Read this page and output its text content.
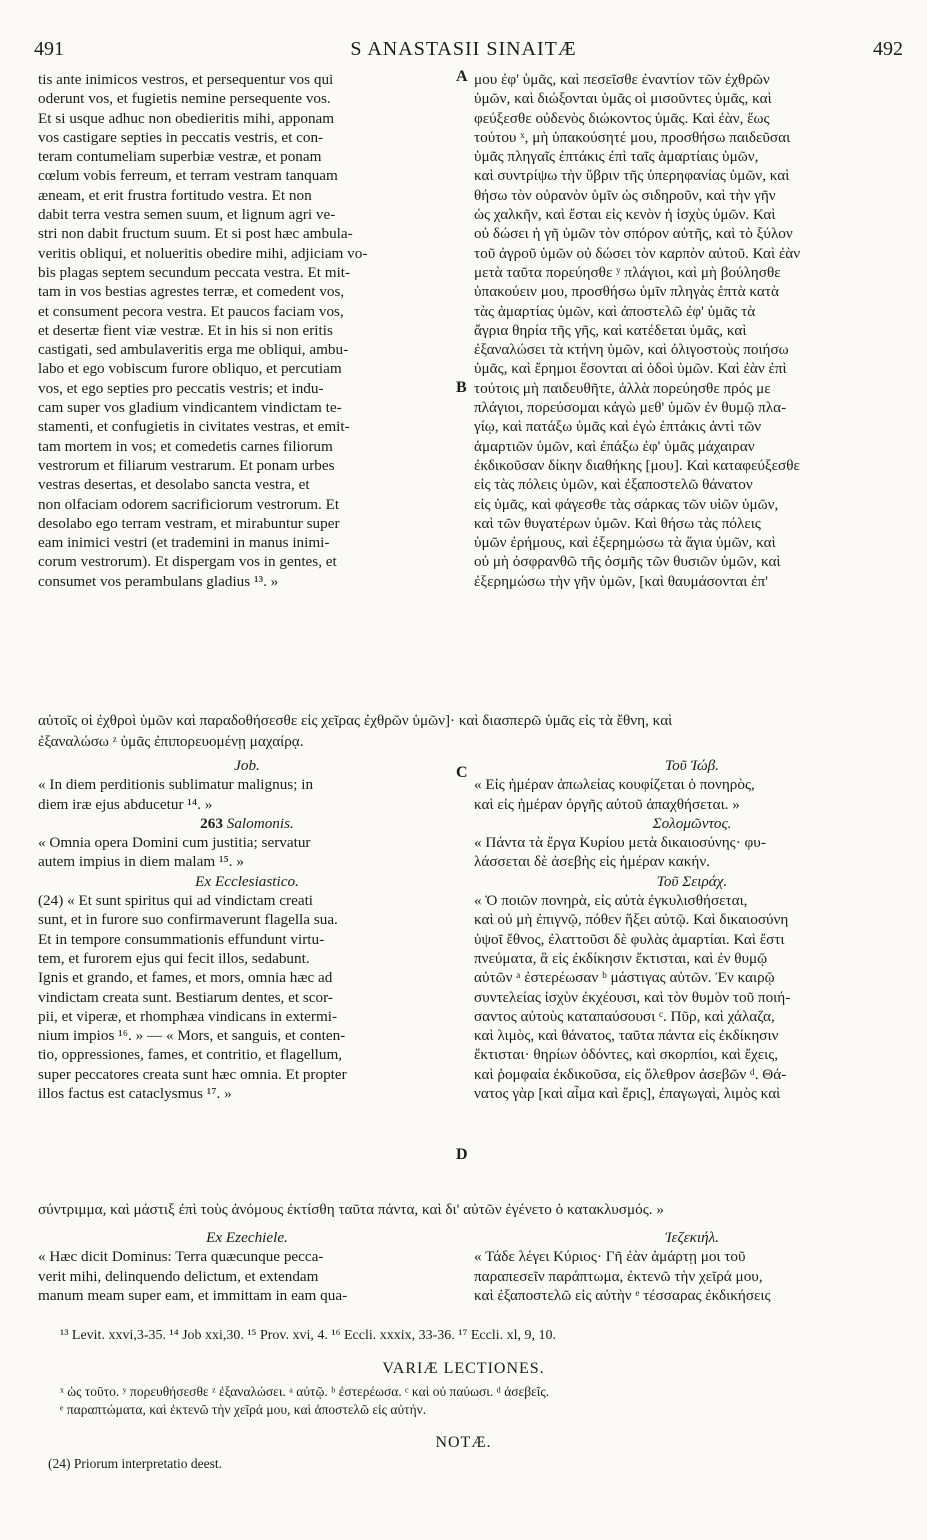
491	S ANASTASII SINAITÆ	492
A
B
C
D
tis ante inimicos vestros, et persequentur vos qui
oderunt vos, et fugietis nemine persequente vos.
Et si usque adhuc non obedieritis mihi, apponam
vos castigare septies in peccatis vestris, et con-
teram contumeliam superbiæ vestræ, et ponam
cœlum vobis ferreum, et terram vestram tanquam
æneam, et erit frustra fortitudo vestra. Et non
dabit terra vestra semen suum, et lignum agri ve-
stri non dabit fructum suum. Et si post hæc ambula-
veritis obliqui, et nolueritis obedire mihi, adjiciam vo-
bis plagas septem secundum peccata vestra. Et mit-
tam in vos bestias agrestes terræ, et comedent vos,
et consument pecora vestra. Et paucos faciam vos,
et desertæ fient viæ vestræ. Et in his si non eritis
castigati, sed ambulaveritis erga me obliqui, ambu-
labo et ego vobiscum furore obliquo, et percutiam
vos, et ego septies pro peccatis vestris; et indu-
cam super vos gladium vindicantem vindictam te-
stamenti, et confugietis in civitates vestras, et emit-
tam mortem in vos; et comedetis carnes filiorum
vestrorum et filiarum vestrarum. Et ponam urbes
vestras desertas, et desolabo sancta vestra, et
non olfaciam odorem sacrificiorum vestrorum. Et
desolabo ego terram vestram, et mirabuntur super
eam inimici vestri (et trademini in manus inimi-
corum vestrorum). Et dispergam vos in gentes, et
consumet vos perambulans gladius ¹³. »
μου ἐφ' ὑμᾶς, καὶ πεσεῖσθε ἐναντίον τῶν ἐχθρῶν
ὑμῶν, καὶ διώξονται ὑμᾶς οἱ μισοῦντες ὑμᾶς, καὶ
φεύξεσθε οὐδενὸς διώκοντος ὑμᾶς. Καὶ ἐὰν, ἕως
τούτου ˣ, μὴ ὑπακούσητέ μου, προσθήσω παιδεῦσαι
ὑμᾶς πληγαῖς ἑπτάκις ἐπὶ ταῖς ἁμαρτίαις ὑμῶν,
καὶ συντρίψω τὴν ὕβριν τῆς ὑπερηφανίας ὑμῶν, καὶ
θήσω τὸν οὐρανὸν ὑμῖν ὡς σιδηροῦν, καὶ τὴν γῆν
ὡς χαλκῆν, καὶ ἔσται εἰς κενὸν ἡ ἰσχὺς ὑμῶν. Καὶ
οὐ δώσει ἡ γῆ ὑμῶν τὸν σπόρον αὐτῆς, καὶ τὸ ξύλον
τοῦ ἀγροῦ ὑμῶν οὐ δώσει τὸν καρπὸν αὐτοῦ. Καὶ ἐὰν
μετὰ ταῦτα πορεύησθε ʸ πλάγιοι, καὶ μὴ βούλησθε
ὑπακούειν μου, προσθήσω ὑμῖν πληγὰς ἑπτὰ κατὰ
τὰς ἁμαρτίας ὑμῶν, καὶ ἀποστελῶ ἐφ' ὑμᾶς τὰ
ἄγρια θηρία τῆς γῆς, καὶ κατέδεται ὑμᾶς, καὶ
ἐξαναλώσει τὰ κτήνη ὑμῶν, καὶ ὀλιγοστοὺς ποιήσω
ὑμᾶς, καὶ ἔρημοι ἔσονται αἱ ὁδοὶ ὑμῶν. Καὶ ἐὰν ἐπὶ
τούτοις μὴ παιδευθῆτε, ἀλλὰ πορεύησθε πρός με
πλάγιοι, πορεύσομαι κἀγὼ μεθ' ὑμῶν ἐν θυμῷ πλα-
γίῳ, καὶ πατάξω ὑμᾶς καὶ ἐγὼ ἑπτάκις ἀντὶ τῶν
ἁμαρτιῶν ὑμῶν, καὶ ἐπάξω ἐφ' ὑμᾶς μάχαιραν
ἐκδικοῦσαν δίκην διαθήκης [μου]. Καὶ καταφεύξεσθε
εἰς τὰς πόλεις ὑμῶν, καὶ ἐξαποστελῶ θάνατον
εἰς ὑμᾶς, καὶ φάγεσθε τὰς σάρκας τῶν υἱῶν ὑμῶν,
καὶ τῶν θυγατέρων ὑμῶν. Καὶ θήσω τὰς πόλεις
ὑμῶν ἐρήμους, καὶ ἐξερημώσω τὰ ἅγια ὑμῶν, καὶ
οὐ μὴ ὀσφρανθῶ τῆς ὀσμῆς τῶν θυσιῶν ὑμῶν, καὶ
ἐξερημώσω τὴν γῆν ὑμῶν, [καὶ θαυμάσονται ἐπ'
αὐτοῖς οἱ ἐχθροὶ ὑμῶν καὶ παραδοθήσεσθε εἰς χεῖρας ἐχθρῶν ὑμῶν]· καὶ διασπερῶ ὑμᾶς εἰς τὰ ἔθνη, καὶ
ἐξαναλώσω ᶻ ὑμᾶς ἐπιπορευομένῃ μαχαίρᾳ.
Job.
« In diem perditionis sublimatur malignus; in
diem iræ ejus abducetur ¹⁴. »
263 Salomonis.
« Omnia opera Domini cum justitia; servatur
autem impius in diem malam ¹⁵. »
Ex Ecclesiastico.
(24) « Et sunt spiritus qui ad vindictam creati
sunt, et in furore suo confirmaverunt flagella sua.
Et in tempore consummationis effundunt virtu-
tem, et furorem ejus qui fecit illos, sedabunt.
Ignis et grando, et fames, et mors, omnia hæc ad
vindictam creata sunt. Bestiarum dentes, et scor-
pii, et viperæ, et rhomphæa vindicans in extermi-
nium impios ¹⁶. » — « Mors, et sanguis, et conten-
tio, oppressiones, fames, et contritio, et flagellum,
super peccatores creata sunt hæc omnia. Et propter
illos factus est cataclysmus ¹⁷. »
Τοῦ Ἰώβ.
« Εἰς ἡμέραν ἀπωλείας κουφίζεται ὁ πονηρὸς,
καὶ εἰς ἡμέραν ὀργῆς αὐτοῦ ἀπαχθήσεται. »
Σολομῶντος.
« Πάντα τὰ ἔργα Κυρίου μετὰ δικαιοσύνης· φυ-
λάσσεται δὲ ἀσεβὴς εἰς ἡμέραν κακήν.
Τοῦ Σειράχ.
« Ὁ ποιῶν πονηρὰ, εἰς αὐτὰ ἐγκυλισθήσεται,
καὶ οὐ μὴ ἐπιγνῷ, πόθεν ἥξει αὐτῷ. Καὶ δικαιοσύνη
ὑψοῖ ἔθνος, ἐλαττοῦσι δὲ φυλὰς ἁμαρτίαι. Καὶ ἔστι
πνεύματα, ἃ εἰς ἐκδίκησιν ἔκτισται, καὶ ἐν θυμῷ
αὐτῶν ᵃ ἐστερέωσαν ᵇ μάστιγας αὐτῶν. Ἐν καιρῷ
συντελείας ἰσχὺν ἐκχέουσι, καὶ τὸν θυμὸν τοῦ ποιή-
σαντος αὐτοὺς καταπαύσουσι ᶜ. Πῦρ, καὶ χάλαζα,
καὶ λιμὸς, καὶ θάνατος, ταῦτα πάντα εἰς ἐκδίκησιν
ἔκτισται· θηρίων ὀδόντες, καὶ σκορπίοι, καὶ ἔχεις,
καὶ ῥομφαία ἐκδικοῦσα, εἰς ὄλεθρον ἀσεβῶν ᵈ. Θά-
νατος γὰρ [καὶ αἷμα καὶ ἔρις], ἐπαγωγαὶ, λιμὸς καὶ
σύντριμμα, καὶ μάστιξ ἐπὶ τοὺς ἀνόμους ἐκτίσθη ταῦτα πάντα, καὶ δι' αὐτῶν ἐγένετο ὁ κατακλυσμός. »
Ex Ezechiele.
« Hæc dicit Dominus: Terra quæcunque pecca-
verit mihi, delinquendo delictum, et extendam
manum meam super eam, et immittam in eam qua-
Ἰεζεκιήλ.
« Τάδε λέγει Κύριος· Γῆ ἐὰν ἁμάρτῃ μοι τοῦ
παραπεσεῖν παράπτωμα, ἐκτενῶ τὴν χεῖρά μου,
καὶ ἐξαποστελῶ εἰς αὐτὴν ᵉ τέσσαρας ἐκδικήσεις
¹³ Levit. xxvi,3-35. ¹⁴ Job xxi,30. ¹⁵ Prov. xvi, 4. ¹⁶ Eccli. xxxix, 33-36. ¹⁷ Eccli. xl, 9, 10.
VARIÆ LECTIONES.
ˣ ὡς τοῦτο. ʸ πορευθήσεσθε ᶻ ἐξαναλώσει. ᵃ αὐτῷ. ᵇ ἐστερέωσα. ᶜ καὶ οὐ παύωσι. ᵈ ἀσεβεῖς.
ᵉ παραπτώματα, καὶ ἐκτενῶ τὴν χεῖρά μου, καὶ ἀποστελῶ εἰς αὐτήν.
NOTÆ.
(24) Priorum interpretatio deest.
